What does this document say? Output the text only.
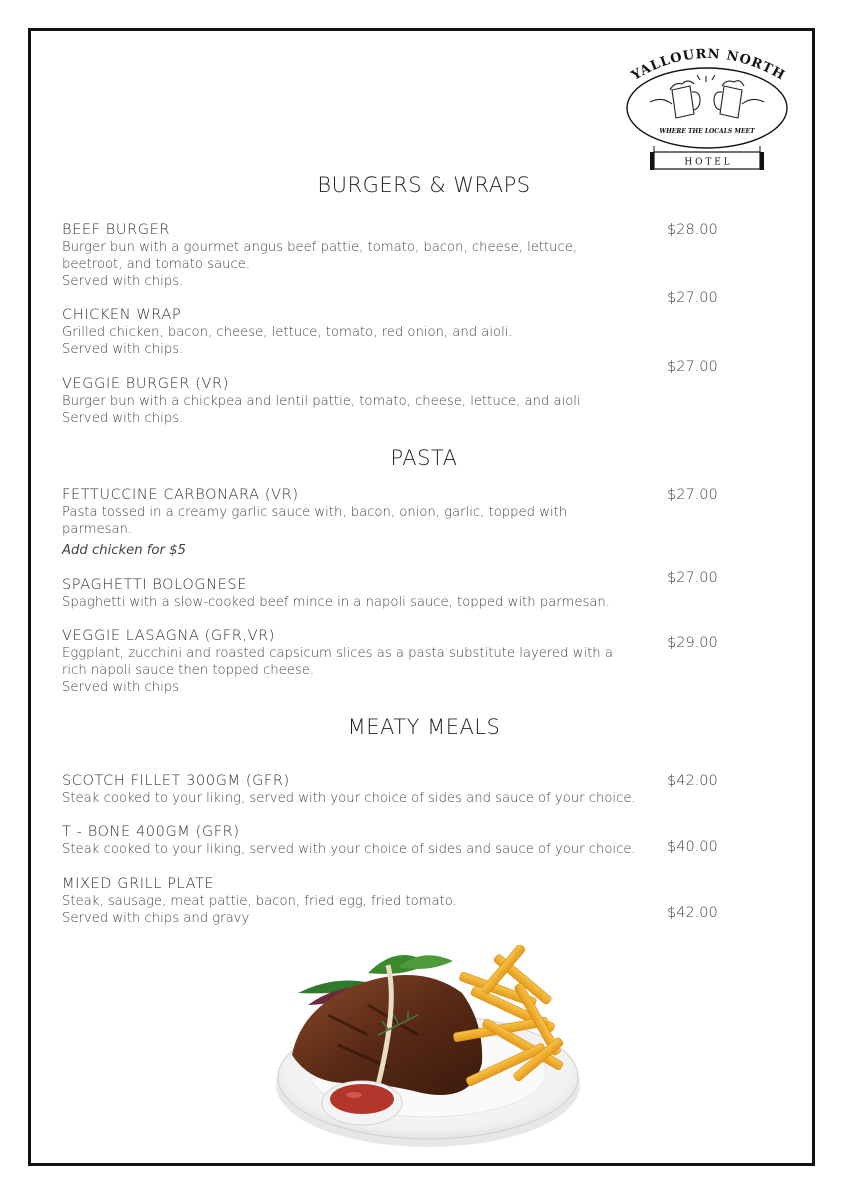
YALLOURN NORTH
WHERE THE LOCALS MEET
H O T E L
BURGERS & WRAPS
PASTA
MEATY MEALS
BEEF BURGER
Burger bun with a gourmet angus beef pattie, tomato, bacon, cheese, lettuce,
beetroot, and tomato sauce.
Served with chips.
$28.00
CHICKEN WRAP
Grilled chicken, bacon, cheese, lettuce, tomato, red onion, and aioli.
Served with chips.
$27.00
VEGGIE BURGER (VR)
Burger bun with a chickpea and lentil pattie, tomato, cheese, lettuce, and aioli
Served with chips.
$27.00
FETTUCCINE CARBONARA (VR)
Pasta tossed in a creamy garlic sauce with, bacon, onion, garlic, topped with
parmesan.
Add chicken for $5
$27.00
SPAGHETTI BOLOGNESE
Spaghetti with a slow-cooked beef mince in a napoli sauce, topped with parmesan.
$27.00
VEGGIE LASAGNA (GFR,VR)
Eggplant, zucchini and roasted capsicum slices as a pasta substitute layered with a
rich napoli sauce then topped cheese.
Served with chips
$29.00
SCOTCH FILLET 300GM (GFR)
Steak cooked to your liking, served with your choice of sides and sauce of your choice.
$42.00
T - BONE 400GM (GFR)
Steak cooked to your liking, served with your choice of sides and sauce of your choice.	$40.00
MIXED GRILL PLATE
Steak, sausage, meat pattie, bacon, fried egg, fried tomato.
Served with chips and gravy	$42.00
